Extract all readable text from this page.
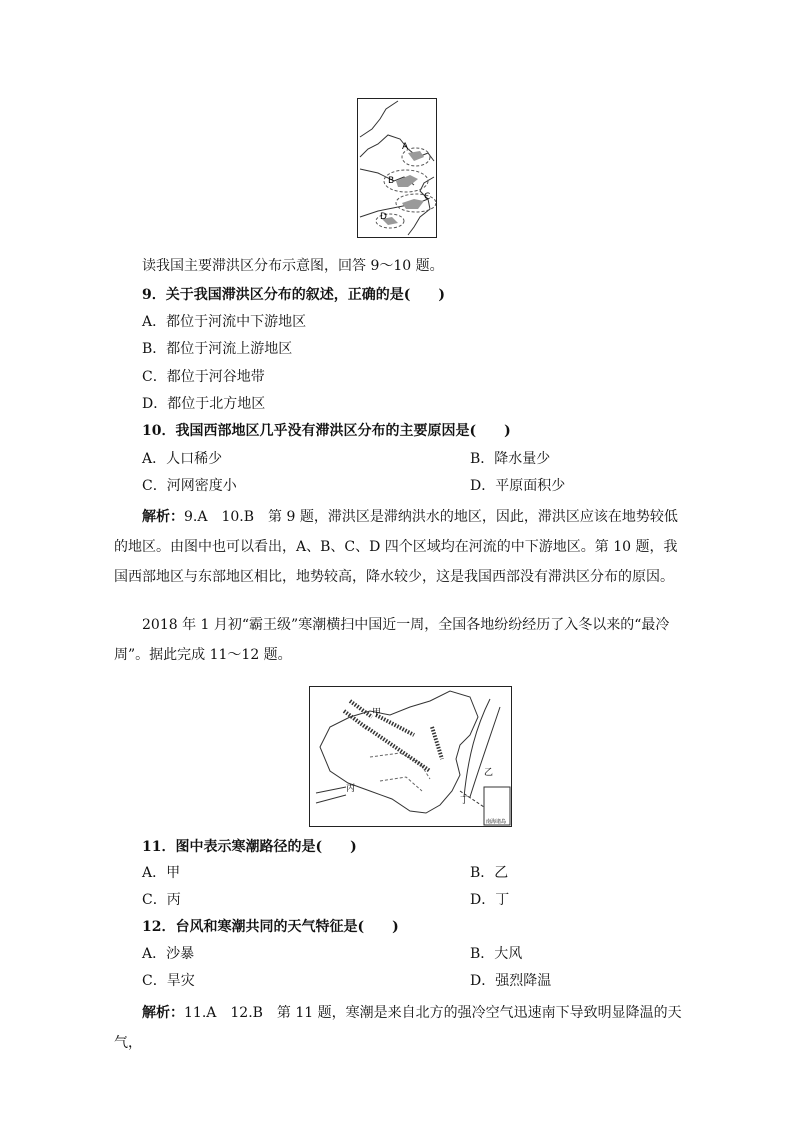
A
B
C
D
读我国主要滞洪区分布示意图，回答 9～10 题。
9．关于我国滞洪区分布的叙述，正确的是(　　)
A．都位于河流中下游地区
B．都位于河流上游地区
C．都位于河谷地带
D．都位于北方地区
10．我国西部地区几乎没有滞洪区分布的主要原因是(　　)
A．人口稀少	B．降水量少
C．河网密度小	D．平原面积少
解析：9.A　10.B　第 9 题，滞洪区是滞纳洪水的地区，因此，滞洪区应该在地势较低的地区。由图中也可以看出，A、B、C、D 四个区域均在河流的中下游地区。第 10 题，我国西部地区与东部地区相比，地势较高，降水较少，这是我国西部没有滞洪区分布的原因。
2018 年 1 月初“霸王级”寒潮横扫中国近一周，全国各地纷纷经历了入冬以来的“最冷周”。据此完成 11～12 题。
甲
乙
丙
丁
南海诸岛
11．图中表示寒潮路径的是(　　)
A．甲	B．乙
C．丙	D．丁
12．台风和寒潮共同的天气特征是(　　)
A．沙暴	B．大风
C．旱灾	D．强烈降温
解析：11.A　12.B　第 11 题，寒潮是来自北方的强冷空气迅速南下导致明显降温的天气，
